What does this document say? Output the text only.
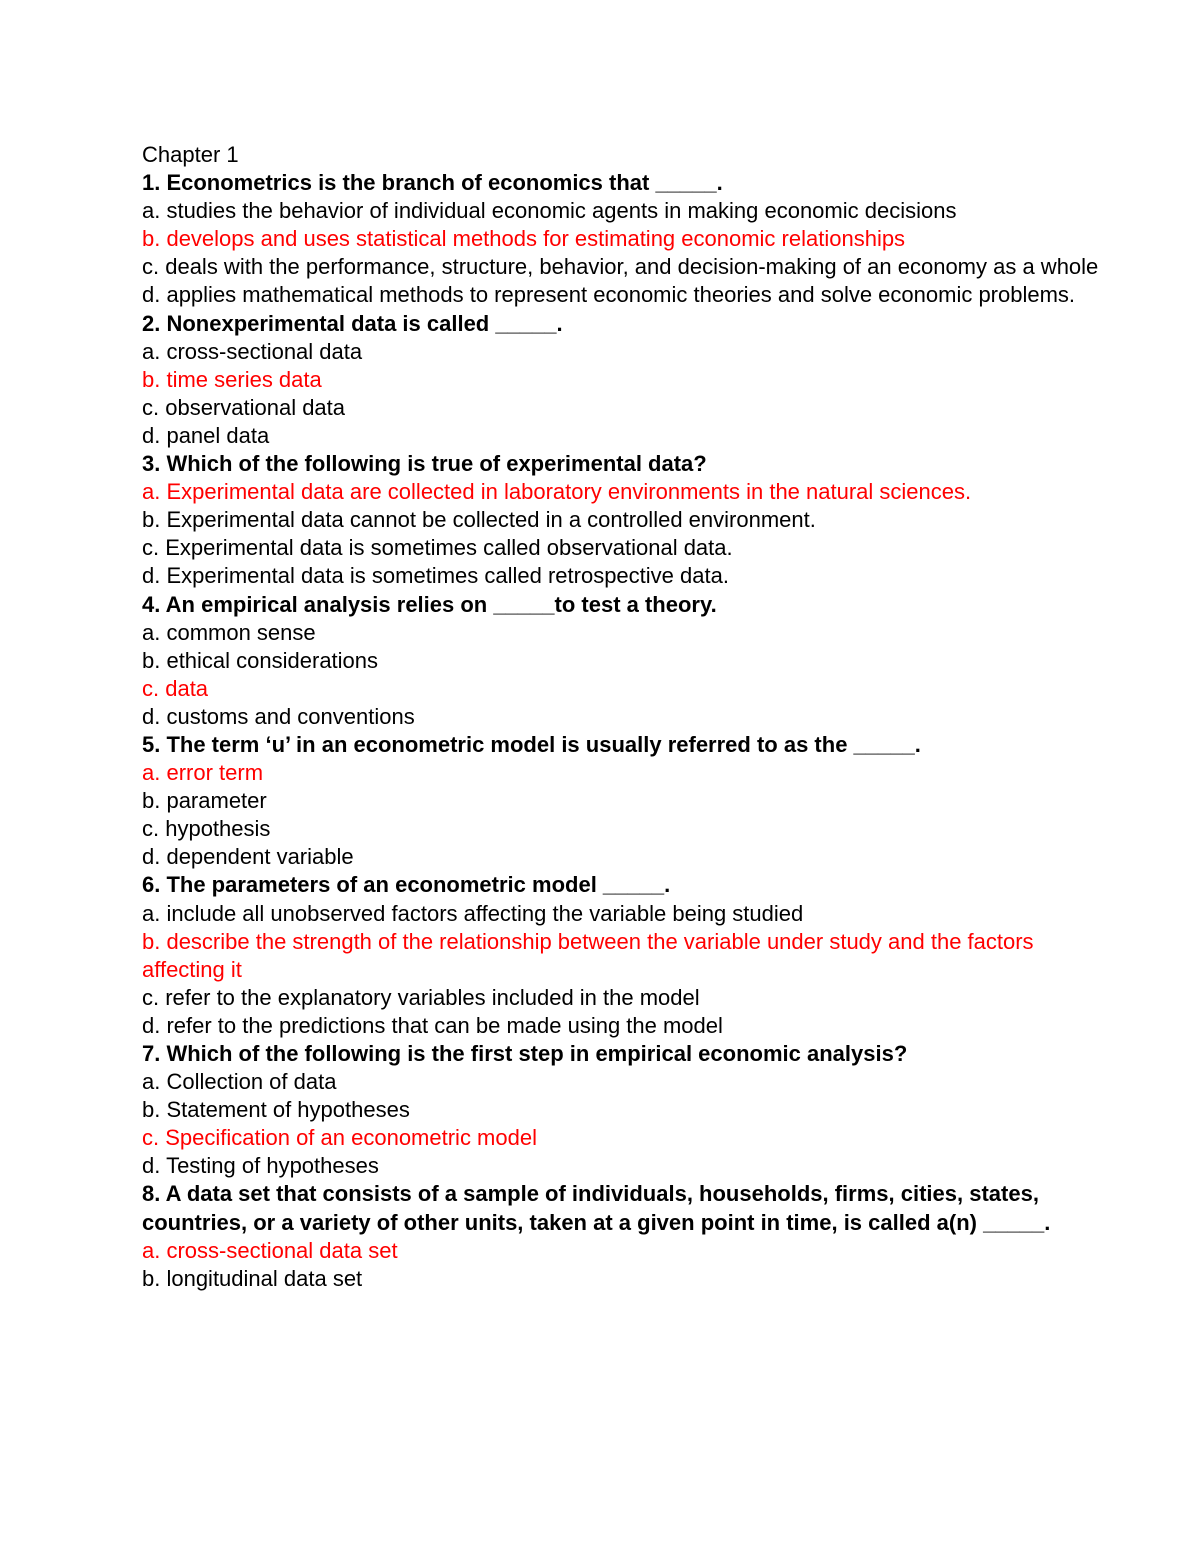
Chapter 1

1. Econometrics is the branch of economics that _____.

a. studies the behavior of individual economic agents in making economic decisions

b. develops and uses statistical methods for estimating economic relationships

c. deals with the performance, structure, behavior, and decision-making of an economy as a whole

d. applies mathematical methods to represent economic theories and solve economic problems.

2. Nonexperimental data is called _____.

a. cross-sectional data

b. time series data

c. observational data

d. panel data

3. Which of the following is true of experimental data?

a. Experimental data are collected in laboratory environments in the natural sciences.

b. Experimental data cannot be collected in a controlled environment.

c. Experimental data is sometimes called observational data.

d. Experimental data is sometimes called retrospective data.

4. An empirical analysis relies on _____to test a theory.

a. common sense

b. ethical considerations

c. data

d. customs and conventions

5. The term ‘u’ in an econometric model is usually referred to as the _____.

a. error term

b. parameter

c. hypothesis

d. dependent variable

6. The parameters of an econometric model _____.

a. include all unobserved factors affecting the variable being studied

b. describe the strength of the relationship between the variable under study and the factors affecting it

c. refer to the explanatory variables included in the model

d. refer to the predictions that can be made using the model

7. Which of the following is the first step in empirical economic analysis?

a. Collection of data

b. Statement of hypotheses

c. Specification of an econometric model

d. Testing of hypotheses

8. A data set that consists of a sample of individuals, households, firms, cities, states, countries, or a variety of other units, taken at a given point in time, is called a(n) _____.

a. cross-sectional data set

b. longitudinal data set
